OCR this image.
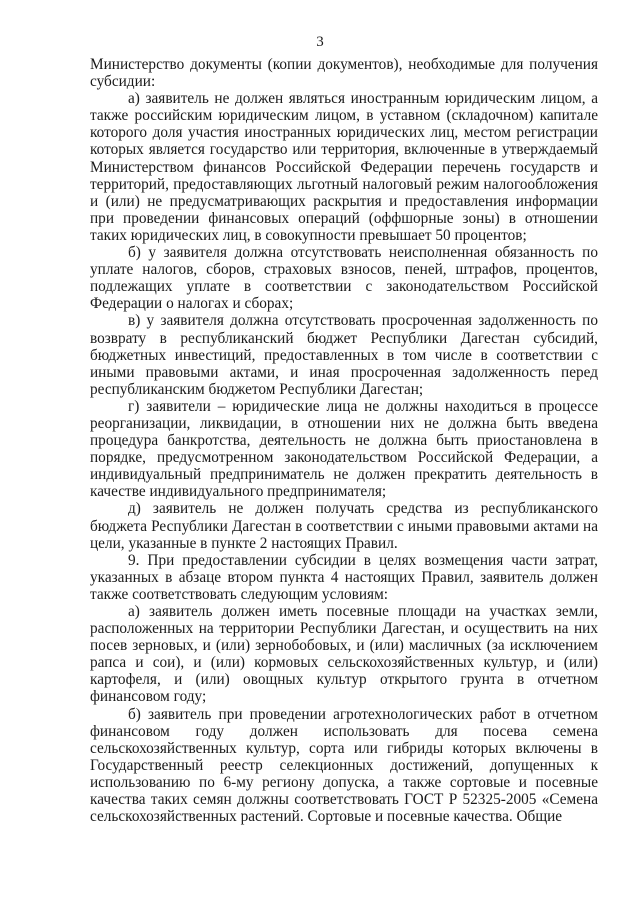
3

Министерство документы (копии документов), необходимые для получения субсидии:

а) заявитель не должен являться иностранным юридическим лицом, а также российским юридическим лицом, в уставном (складочном) капитале которого доля участия иностранных юридических лиц, местом регистрации которых является государство или территория, включенные в утверждаемый Министерством финансов Российской Федерации перечень государств и территорий, предоставляющих льготный налоговый режим налогообложения и (или) не предусматривающих раскрытия и предоставления информации при проведении финансовых операций (оффшорные зоны) в отношении таких юридических лиц, в совокупности превышает 50 процентов;

б) у заявителя должна отсутствовать неисполненная обязанность по уплате налогов, сборов, страховых взносов, пеней, штрафов, процентов, подлежащих уплате в соответствии с законодательством Российской Федерации о налогах и сборах;

в) у заявителя должна отсутствовать просроченная задолженность по возврату в республиканский бюджет Республики Дагестан субсидий, бюджетных инвестиций, предоставленных в том числе в соответствии с иными правовыми актами, и иная просроченная задолженность перед республиканским бюджетом Республики Дагестан;

г) заявители – юридические лица не должны находиться в процессе реорганизации, ликвидации, в отношении них не должна быть введена процедура банкротства, деятельность не должна быть приостановлена в порядке, предусмотренном законодательством Российской Федерации, а индивидуальный предприниматель не должен прекратить деятельность в качестве индивидуального предпринимателя;

д) заявитель не должен получать средства из республиканского бюджета Республики Дагестан в соответствии с иными правовыми актами на цели, указанные в пункте 2 настоящих Правил.

9. При предоставлении субсидии в целях возмещения части затрат, указанных в абзаце втором пункта 4 настоящих Правил, заявитель должен также соответствовать следующим условиям:

а) заявитель должен иметь посевные площади на участках земли, расположенных на территории Республики Дагестан, и осуществить на них посев зерновых, и (или) зернобобовых, и (или) масличных (за исключением рапса и сои), и (или) кормовых сельскохозяйственных культур, и (или) картофеля, и (или) овощных культур открытого грунта в отчетном финансовом году;

б) заявитель при проведении агротехнологических работ в отчетном финансовом году должен использовать для посева семена сельскохозяйственных культур, сорта или гибриды которых включены в Государственный реестр селекционных достижений, допущенных к использованию по 6-му региону допуска, а также сортовые и посевные качества таких семян должны соответствовать ГОСТ Р 52325-2005 «Семена сельскохозяйственных растений. Сортовые и посевные качества. Общие
